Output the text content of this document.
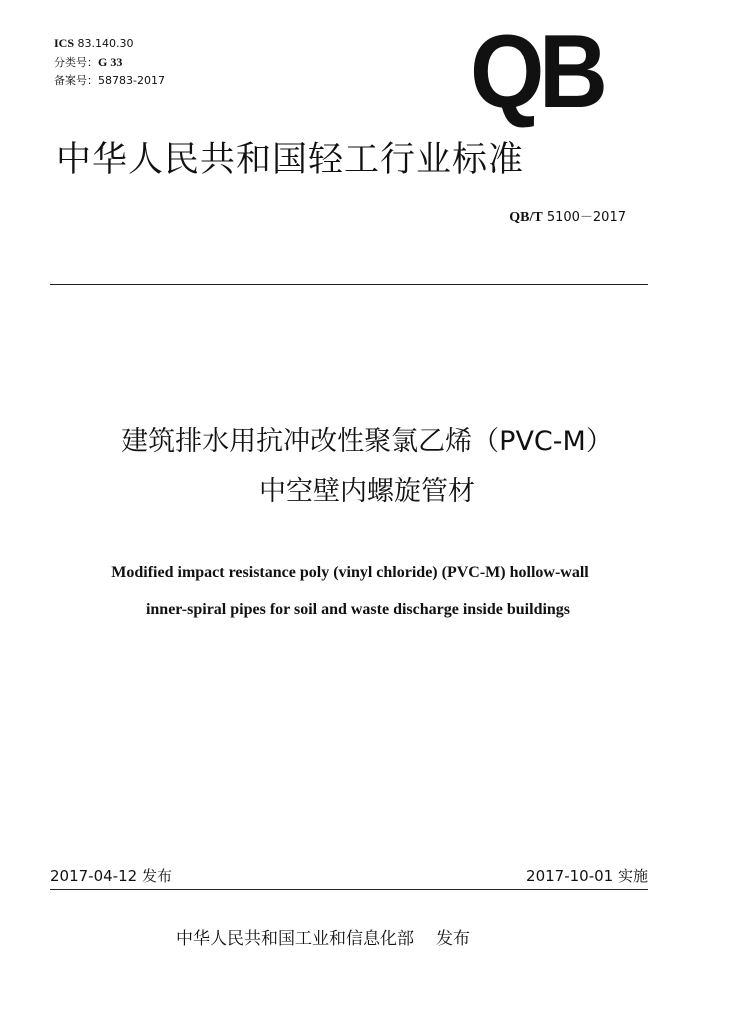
ICS 83.140.30
分类号：G 33
备案号：58783-2017	QB
中华人民共和国轻工行业标准
QB/T 5100－2017
建筑排水用抗冲改性聚氯乙烯（PVC-M）
中空壁内螺旋管材
Modified impact resistance poly (vinyl chloride) (PVC-M) hollow-wall
inner-spiral pipes for soil and waste discharge inside buildings
2017-04-12 发布	2017-10-01 实施
中华人民共和国工业和信息化部 发布
